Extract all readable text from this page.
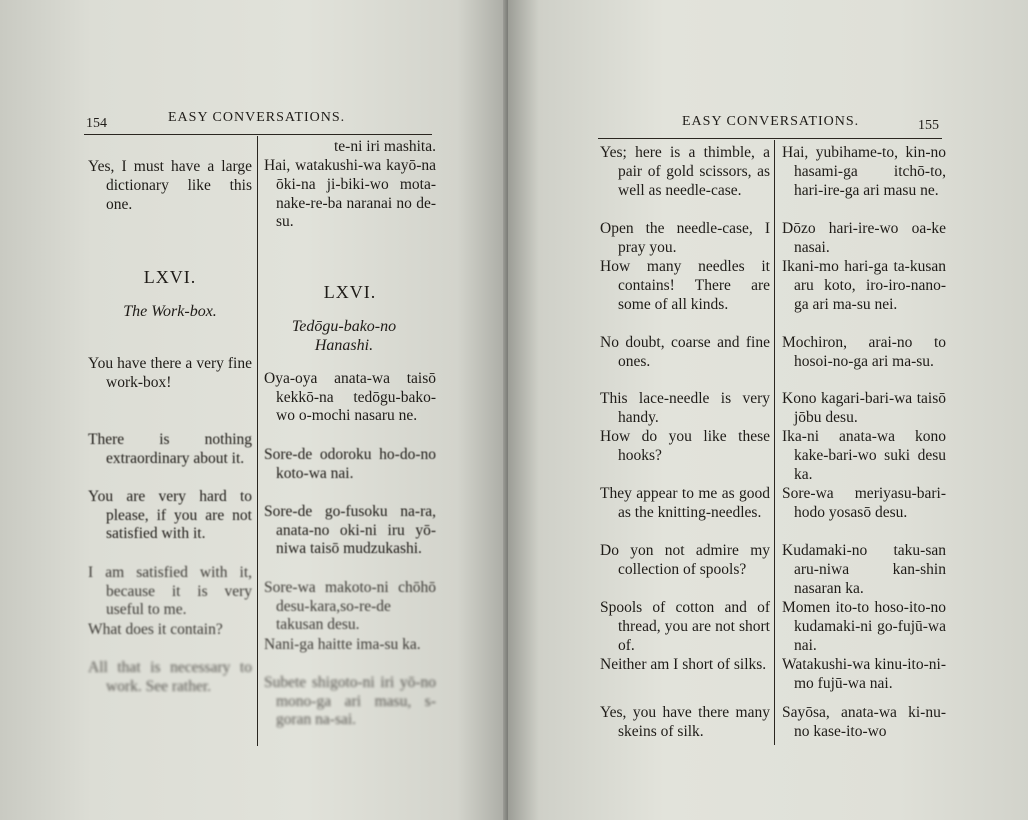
154	EASY CONVERSATIONS.

Yes, I must have a large dictionary like this one.

LXVI.

The Work-box.

You have there a very fine work-box!

There is nothing extraordinary about it.

You are very hard to please, if you are not satisfied with it.

I am satisfied with it, because it is very useful to me.

What does it contain?

All that is necessary to work. See rather.

te-ni iri mashita.

Hai, watakushi-wa kayō-na ōki-na ji-biki-wo mota-nake-re-ba naranai no de-su.

LXVI.

Tedōgu-bako-no Hanashi.

Oya-oya anata-wa taisō kekkō-na tedōgu-bako-wo o-mochi nasaru ne.

Sore-de odoroku ho-do-no koto-wa nai.

Sore-de go-fusoku na-ra, anata-no oki-ni iru yō-niwa taisō mudzukashi.

Sore-wa makoto-ni chōhō desu-kara,so-re-de takusan desu.

Nani-ga haitte ima-su ka.

Subete shigoto-ni iri yō-no mono-ga ari masu, s- goran na-sai.

EASY CONVERSATIONS.	155

Yes; here is a thimble, a pair of gold scissors, as well as needle-case.

Open the needle-case, I pray you.

How many needles it contains! There are some of all kinds.

No doubt, coarse and fine ones.

This lace-needle is very handy.

How do you like these hooks?

They appear to me as good as the knitting-needles.

Do yon not admire my collection of spools?

Spools of cotton and of thread, you are not short of.

Neither am I short of silks.

Yes, you have there many skeins of silk.

Hai, yubihame-to, kin-no hasami-ga itchō-to, hari-ire-ga ari masu ne.

Dōzo hari-ire-wo oa-ke nasai.

Ikani-mo hari-ga ta-kusan aru koto, iro-iro-nano-ga ari ma-su nei.

Mochiron, arai-no to hosoi-no-ga ari ma-su.

Kono kagari-bari-wa taisō jōbu desu.

Ika-ni anata-wa kono kake-bari-wo suki desu ka.

Sore-wa meriyasu-bari-hodo yosasō desu.

Kudamaki-no taku-san aru-niwa kan-shin nasaran ka.

Momen ito-to hoso-ito-no kudamaki-ni go-fujū-wa nai.

Watakushi-wa kinu-ito-ni-mo fujū-wa nai.

Sayōsa, anata-wa ki-nu-no kase-ito-wo
